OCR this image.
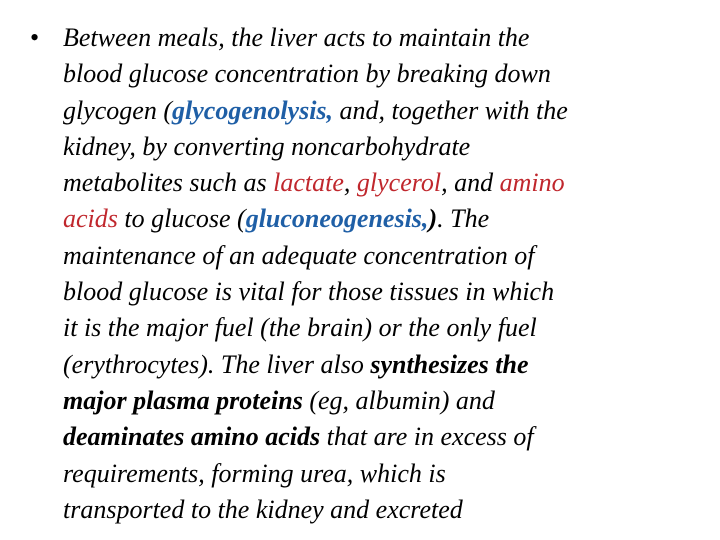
• Between meals, the liver acts to maintain the
blood glucose concentration by breaking down
glycogen (glycogenolysis, and, together with the
kidney, by converting noncarbohydrate
metabolites such as lactate, glycerol, and amino
acids to glucose (gluconeogenesis,). The
maintenance of an adequate concentration of
blood glucose is vital for those tissues in which
it is the major fuel (the brain) or the only fuel
(erythrocytes). The liver also synthesizes the
major plasma proteins (eg, albumin) and
deaminates amino acids that are in excess of
requirements, forming urea, which is
transported to the kidney and excreted
